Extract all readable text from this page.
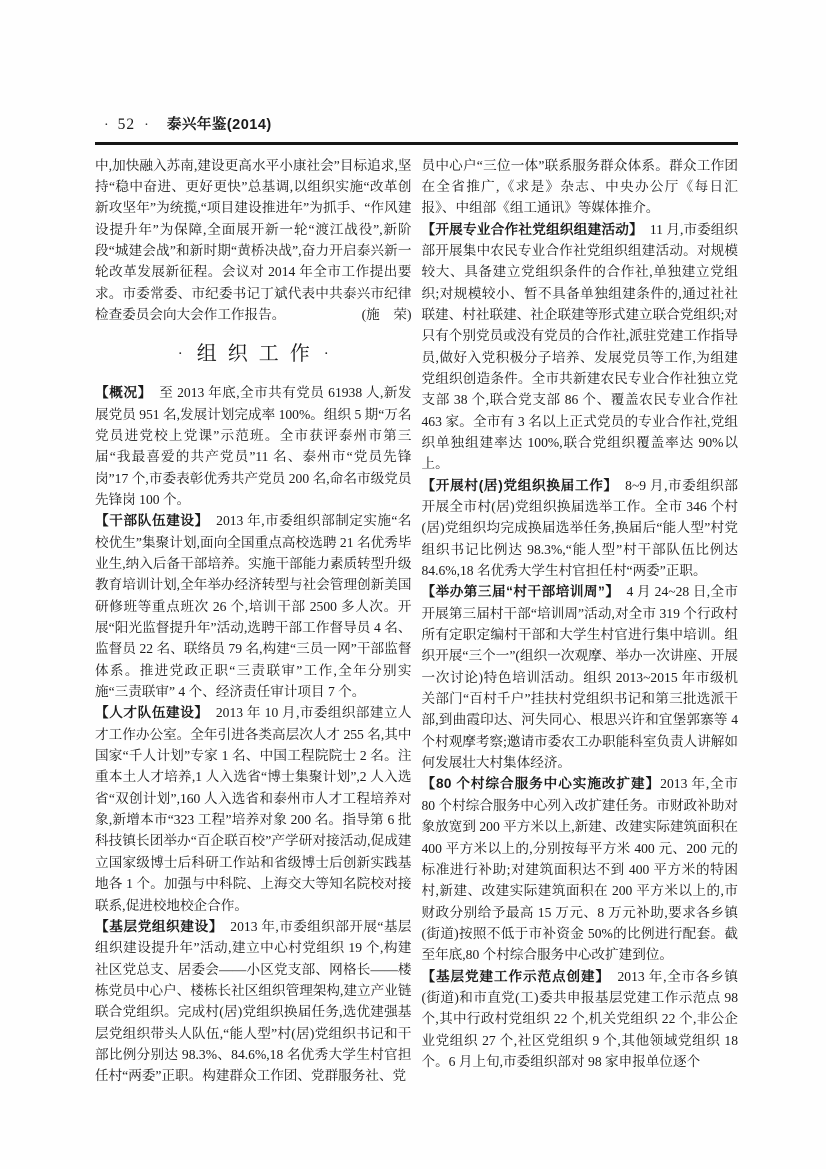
· 52 ·	泰兴年鉴(2014)

中,加快融入苏南,建设更高水平小康社会”目标追求,坚持“稳中奋进、更好更快”总基调,以组织实施“改革创新攻坚年”为统揽,“项目建设推进年”为抓手、“作风建设提升年”为保障,全面展开新一轮“渡江战役”,新阶段“城建会战”和新时期“黄桥决战”,奋力开启泰兴新一轮改革发展新征程。会议对 2014 年全市工作提出要求。市委常委、市纪委书记丁斌代表中共泰兴市纪律检查委员会向大会作工作报告。	(施　荣)

· 组织工作 ·

【概况】　至 2013 年底,全市共有党员 61938 人,新发展党员 951 名,发展计划完成率 100%。组织 5 期“万名党员进党校上党课”示范班。全市获评泰州市第三届“我最喜爱的共产党员”11 名、泰州市“党员先锋岗”17 个,市委表彰优秀共产党员 200 名,命名市级党员先锋岗 100 个。

【干部队伍建设】　2013 年,市委组织部制定实施“名校优生”集聚计划,面向全国重点高校选聘 21 名优秀毕业生,纳入后备干部培养。实施干部能力素质转型升级教育培训计划,全年举办经济转型与社会管理创新美国研修班等重点班次 26 个,培训干部 2500 多人次。开展“阳光监督提升年”活动,选聘干部工作督导员 4 名、监督员 22 名、联络员 79 名,构建“三员一网”干部监督体系。推进党政正职“三责联审”工作,全年分别实施“三责联审” 4 个、经济责任审计项目 7 个。

【人才队伍建设】　2013 年 10 月,市委组织部建立人才工作办公室。全年引进各类高层次人才 255 名,其中国家“千人计划”专家 1 名、中国工程院院士 2 名。注重本土人才培养,1 人入选省“博士集聚计划”,2 人入选省“双创计划”,160 人入选省和泰州市人才工程培养对象,新增本市“323 工程”培养对象 200 名。指导第 6 批科技镇长团举办“百企联百校”产学研对接活动,促成建立国家级博士后科研工作站和省级博士后创新实践基地各 1 个。加强与中科院、上海交大等知名院校对接联系,促进校地校企合作。

【基层党组织建设】　2013 年,市委组织部开展“基层组织建设提升年”活动,建立中心村党组织 19 个,构建社区党总支、居委会——小区党支部、网格长——楼栋党员中心户、楼栋长社区组织管理架构,建立产业链联合党组织。完成村(居)党组织换届任务,选优建强基层党组织带头人队伍,“能人型”村(居)党组织书记和干部比例分别达 98.3%、84.6%,18 名优秀大学生村官担任村“两委”正职。构建群众工作团、党群服务社、党

员中心户“三位一体”联系服务群众体系。群众工作团在全省推广,《求是》杂志、中央办公厅《每日汇报》、中组部《组工通讯》等媒体推介。

【开展专业合作社党组织组建活动】　11 月,市委组织部开展集中农民专业合作社党组织组建活动。对规模较大、具备建立党组织条件的合作社,单独建立党组织;对规模较小、暂不具备单独组建条件的,通过社社联建、村社联建、社企联建等形式建立联合党组织;对只有个别党员或没有党员的合作社,派驻党建工作指导员,做好入党积极分子培养、发展党员等工作,为组建党组织创造条件。全市共新建农民专业合作社独立党支部 38 个,联合党支部 86 个、覆盖农民专业合作社 463 家。全市有 3 名以上正式党员的专业合作社,党组织单独组建率达 100%,联合党组织覆盖率达 90%以上。

【开展村(居)党组织换届工作】　8~9 月,市委组织部开展全市村(居)党组织换届选举工作。全市 346 个村(居)党组织均完成换届选举任务,换届后“能人型”村党组织书记比例达 98.3%,“能人型”村干部队伍比例达 84.6%,18 名优秀大学生村官担任村“两委”正职。

【举办第三届“村干部培训周”】　4 月 24~28 日,全市开展第三届村干部“培训周”活动,对全市 319 个行政村所有定职定编村干部和大学生村官进行集中培训。组织开展“三个一”(组织一次观摩、举办一次讲座、开展一次讨论)特色培训活动。组织 2013~2015 年市级机关部门“百村千户”挂扶村党组织书记和第三批选派干部,到曲霞印达、河失同心、根思兴许和宜堡郭寨等 4 个村观摩考察;邀请市委农工办职能科室负责人讲解如何发展壮大村集体经济。

【80 个村综合服务中心实施改扩建】2013 年,全市 80 个村综合服务中心列入改扩建任务。市财政补助对象放宽到 200 平方米以上,新建、改建实际建筑面积在 400 平方米以上的,分别按每平方米 400 元、200 元的标准进行补助;对建筑面积达不到 400 平方米的特困村,新建、改建实际建筑面积在 200 平方米以上的,市财政分别给予最高 15 万元、8 万元补助,要求各乡镇(街道)按照不低于市补资金 50%的比例进行配套。截至年底,80 个村综合服务中心改扩建到位。

【基层党建工作示范点创建】　2013 年,全市各乡镇(街道)和市直党(工)委共申报基层党建工作示范点 98 个,其中行政村党组织 22 个,机关党组织 22 个,非公企业党组织 27 个,社区党组织 9 个,其他领域党组织 18 个。6 月上旬,市委组织部对 98 家申报单位逐个
